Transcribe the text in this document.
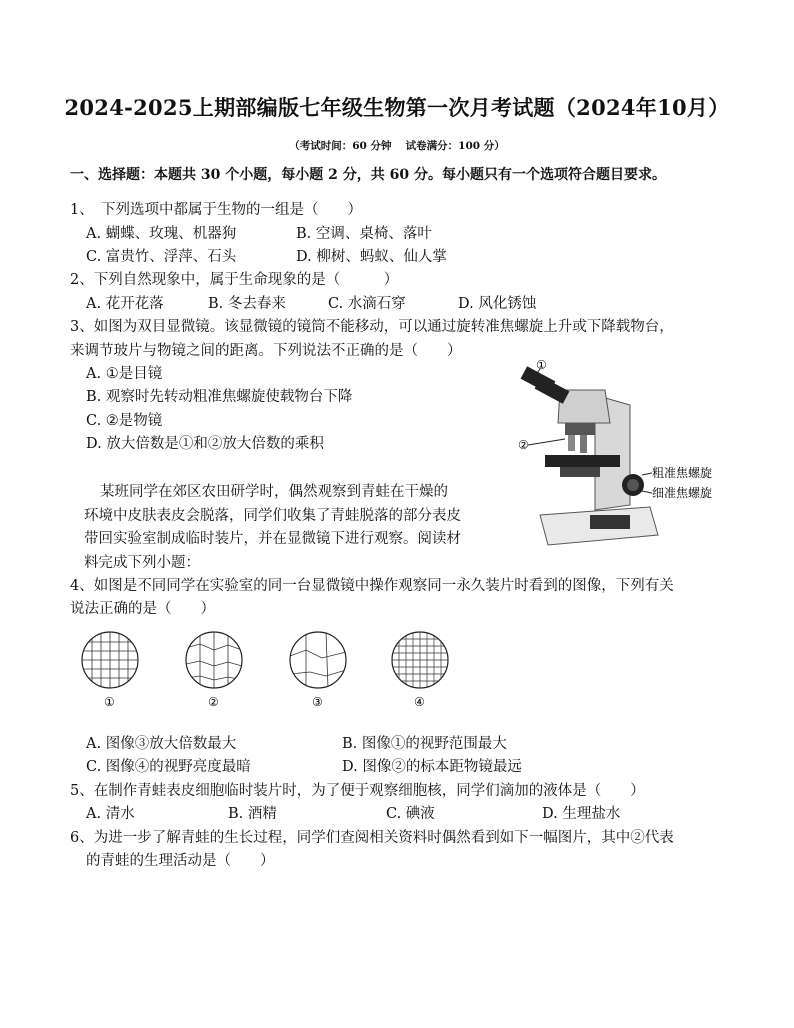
2024-2025上期部编版七年级生物第一次月考试题（2024年10月）
（考试时间：60 分钟　 试卷满分：100 分）
一、选择题：本题共 30 个小题，每小题 2 分，共 60 分。每小题只有一个选项符合题目要求。
1、　下列选项中都属于生物的一组是（　　）
A. 蝴蝶、玫瑰、机器狗	B. 空调、桌椅、落叶
C. 富贵竹、浮萍、石头	D. 柳树、蚂蚁、仙人掌
2、下列自然现象中，属于生命现象的是（　　　）
A. 花开花落	B. 冬去春来	C. 水滴石穿	D. 风化锈蚀
3、如图为双目显微镜。该显微镜的镜筒不能移动，可以通过旋转准焦螺旋上升或下降载物台，
来调节玻片与物镜之间的距离。下列说法不正确的是（　　）
A. ①是目镜
B. 观察时先转动粗准焦螺旋使载物台下降
C. ②是物镜
D. 放大倍数是①和②放大倍数的乘积
①
②
粗准焦螺旋
细准焦螺旋
某班同学在郊区农田研学时，偶然观察到青蛙在干燥的
环境中皮肤表皮会脱落，同学们收集了青蛙脱落的部分表皮
带回实验室制成临时装片，并在显微镜下进行观察。阅读材
料完成下列小题：
4、如图是不同同学在实验室的同一台显微镜中操作观察同一永久装片时看到的图像，下列有关
说法正确的是（　　）
①	②	③	④
A. 图像③放大倍数最大	B. 图像①的视野范围最大
C. 图像④的视野亮度最暗	D. 图像②的标本距物镜最远
5、在制作青蛙表皮细胞临时装片时，为了便于观察细胞核，同学们滴加的液体是（　　）
A. 清水	B. 酒精	C. 碘液	D. 生理盐水
6、为进一步了解青蛙的生长过程，同学们查阅相关资料时偶然看到如下一幅图片，其中②代表
的青蛙的生理活动是（　　）
